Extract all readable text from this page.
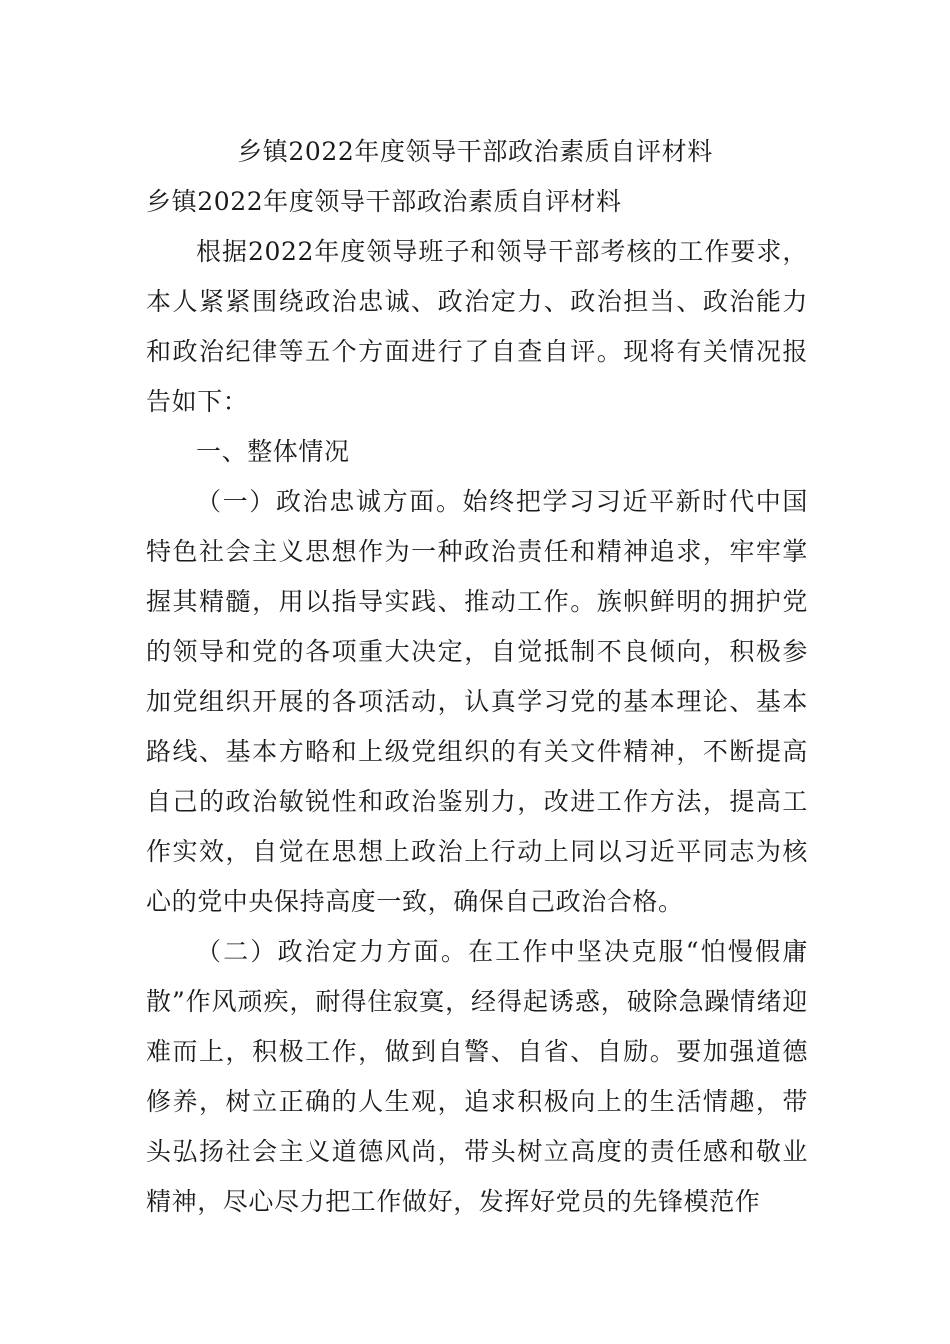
乡镇2022年度领导干部政治素质自评材料
乡镇2022年度领导干部政治素质自评材料

根据2022年度领导班子和领导干部考核的工作要求，本人紧紧围绕政治忠诚、政治定力、政治担当、政治能力和政治纪律等五个方面进行了自查自评。现将有关情况报告如下：

一、整体情况

（一）政治忠诚方面。始终把学习习近平新时代中国特色社会主义思想作为一种政治责任和精神追求，牢牢掌握其精髓，用以指导实践、推动工作。族帜鲜明的拥护党的领导和党的各项重大决定，自觉抵制不良倾向，积极参加党组织开展的各项活动，认真学习党的基本理论、基本路线、基本方略和上级党组织的有关文件精神，不断提高自己的政治敏锐性和政治鉴别力，改进工作方法，提高工作实效，自觉在思想上政治上行动上同以习近平同志为核心的党中央保持高度一致，确保自己政治合格。

（二）政治定力方面。在工作中坚决克服“怕慢假庸散”作风顽疾，耐得住寂寞，经得起诱惑，破除急躁情绪迎难而上，积极工作，做到自警、自省、自励。要加强道德修养，树立正确的人生观，追求积极向上的生活情趣，带头弘扬社会主义道德风尚，带头树立高度的责任感和敬业精神，尽心尽力把工作做好，发挥好党员的先锋模范作
